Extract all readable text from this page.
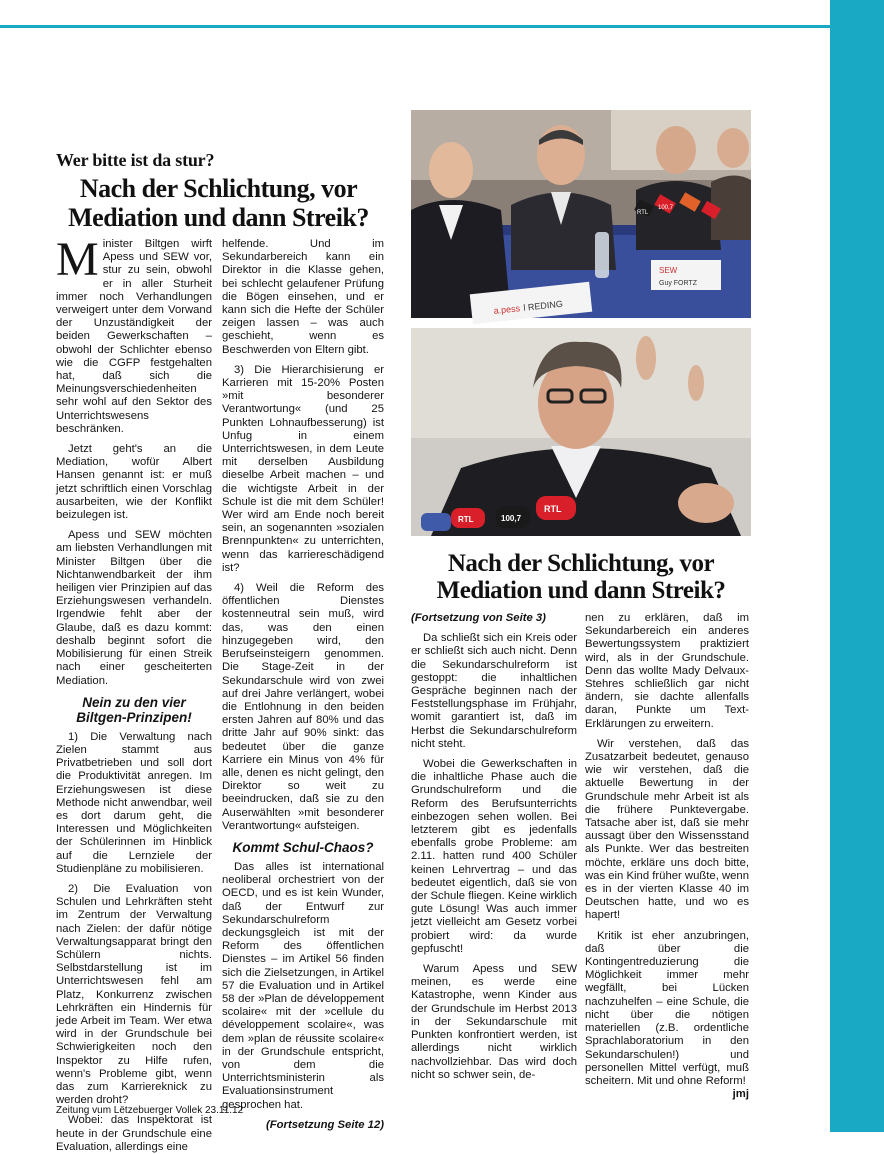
Wer bitte ist da stur?
Nach der Schlichtung, vor Mediation und dann Streik?

Minister Biltgen wirft Apess und SEW vor, stur zu sein, obwohl er in aller Sturheit immer noch Verhandlungen verweigert unter dem Vorwand der Unzuständigkeit der beiden Gewerkschaften – obwohl der Schlichter ebenso wie die CGFP festgehalten hat, daß sich die Meinungsverschiedenheiten sehr wohl auf den Sektor des Unterrichtswesens beschränken.

Jetzt geht's an die Mediation, wofür Albert Hansen genannt ist: er muß jetzt schriftlich einen Vorschlag ausarbeiten, wie der Konflikt beizulegen ist.

Apess und SEW möchten am liebsten Verhandlungen mit Minister Biltgen über die Nichtanwendbarkeit der ihm heiligen vier Prinzipien auf das Erziehungswesen verhandeln. Irgendwie fehlt aber der Glaube, daß es dazu kommt: deshalb beginnt sofort die Mobilisierung für einen Streik nach einer gescheiterten Mediation.

Nein zu den vier Biltgen-Prinzipen!

1) Die Verwaltung nach Zielen stammt aus Privatbetrieben und soll dort die Produktivität anregen. Im Erziehungswesen ist diese Methode nicht anwendbar, weil es dort darum geht, die Interessen und Möglichkeiten der Schülerinnen im Hinblick auf die Lernziele der Studienpläne zu mobilisieren.

2) Die Evaluation von Schulen und Lehrkräften steht im Zentrum der Verwaltung nach Zielen: der dafür nötige Verwaltungsapparat bringt den Schülern nichts. Selbstdarstellung ist im Unterrichtswesen fehl am Platz, Konkurrenz zwischen Lehrkräften ein Hindernis für jede Arbeit im Team. Wer etwa wird in der Grundschule bei Schwierigkeiten noch den Inspektor zu Hilfe rufen, wenn's Probleme gibt, wenn das zum Karriereknick zu werden droht?

Wobei: das Inspektorat ist heute in der Grundschule eine Evaluation, allerdings eine

helfende. Und im Sekundarbereich kann ein Direktor in die Klasse gehen, bei schlecht gelaufener Prüfung die Bögen einsehen, und er kann sich die Hefte der Schüler zeigen lassen – was auch geschieht, wenn es Beschwerden von Eltern gibt.

3) Die Hierarchisierung er Karrieren mit 15-20% Posten »mit besonderer Verantwortung« (und 25 Punkten Lohnaufbesserung) ist Unfug in einem Unterrichtswesen, in dem Leute mit derselben Ausbildung dieselbe Arbeit machen – und die wichtigste Arbeit in der Schule ist die mit dem Schüler! Wer wird am Ende noch bereit sein, an sogenannten »sozialen Brennpunkten« zu unterrichten, wenn das karriereschädigend ist?

4) Weil die Reform des öffentlichen Dienstes kostenneutral sein muß, wird das, was den einen hinzugegeben wird, den Berufseinsteigern genommen. Die Stage-Zeit in der Sekundarschule wird von zwei auf drei Jahre verlängert, wobei die Entlohnung in den beiden ersten Jahren auf 80% und das dritte Jahr auf 90% sinkt: das bedeutet über die ganze Karriere ein Minus von 4% für alle, denen es nicht gelingt, den Direktor so weit zu beeindrucken, daß sie zu den Auserwählten »mit besonderer Verantwortung« aufsteigen.

Kommt Schul-Chaos?

Das alles ist international neoliberal orchestriert von der OECD, und es ist kein Wunder, daß der Entwurf zur Sekundarschulreform deckungsgleich ist mit der Reform des öffentlichen Dienstes – im Artikel 56 finden sich die Zielsetzungen, in Artikel 57 die Evaluation und in Artikel 58 der »Plan de développement scolaire« mit der »cellule du développement scolaire«, was dem »plan de réussite scolaire« in der Grundschule entspricht, von dem die Unterrichtsministerin als Evaluationsinstrument gesprochen hat.

(Fortsetzung Seite 12)

a.pess l REDING
SEW
Guy FORTZ
RTL
100,7
RTL	100,7
RTL
Nach der Schlichtung, vor Mediation und dann Streik?

(Fortsetzung von Seite 3)

Da schließt sich ein Kreis oder er schließt sich auch nicht. Denn die Sekundarschulreform ist gestoppt: die inhaltlichen Gespräche beginnen nach der Feststellungsphase im Frühjahr, womit garantiert ist, daß im Herbst die Sekundarschulreform nicht steht.

Wobei die Gewerkschaften in die inhaltliche Phase auch die Grundschulreform und die Reform des Berufsunterrichts einbezogen sehen wollen. Bei letzterem gibt es jedenfalls ebenfalls grobe Probleme: am 2.11. hatten rund 400 Schüler keinen Lehrvertrag – und das bedeutet eigentlich, daß sie von der Schule fliegen. Keine wirklich gute Lösung! Was auch immer jetzt vielleicht am Gesetz vorbei probiert wird: da wurde gepfuscht!

Warum Apess und SEW meinen, es werde eine Katastrophe, wenn Kinder aus der Grundschule im Herbst 2013 in der Sekundarschule mit Punkten konfrontiert werden, ist allerdings nicht wirklich nachvollziehbar. Das wird doch nicht so schwer sein, de-

nen zu erklären, daß im Sekundarbereich ein anderes Bewertungssystem praktiziert wird, als in der Grundschule. Denn das wollte Mady Delvaux-Stehres schließlich gar nicht ändern, sie dachte allenfalls daran, Punkte um Text-Erklärungen zu erweitern.

Wir verstehen, daß das Zusatzarbeit bedeutet, genauso wie wir verstehen, daß die aktuelle Bewertung in der Grundschule mehr Arbeit ist als die frühere Punktevergabe. Tatsache aber ist, daß sie mehr aussagt über den Wissensstand als Punkte. Wer das bestreiten möchte, erkläre uns doch bitte, was ein Kind früher wußte, wenn es in der vierten Klasse 40 im Deutschen hatte, und wo es hapert!

Kritik ist eher anzubringen, daß über die Kontingentreduzierung die Möglichkeit immer mehr wegfällt, bei Lücken nachzuhelfen – eine Schule, die nicht über die nötigen materiellen (z.B. ordentliche Sprachlaboratorium in den Sekundarschulen!) und personellen Mittel verfügt, muß scheitern. Mit und ohne Reform!
jmj

Zeitung vum Lëtzebuerger Vollek 23.11.12
